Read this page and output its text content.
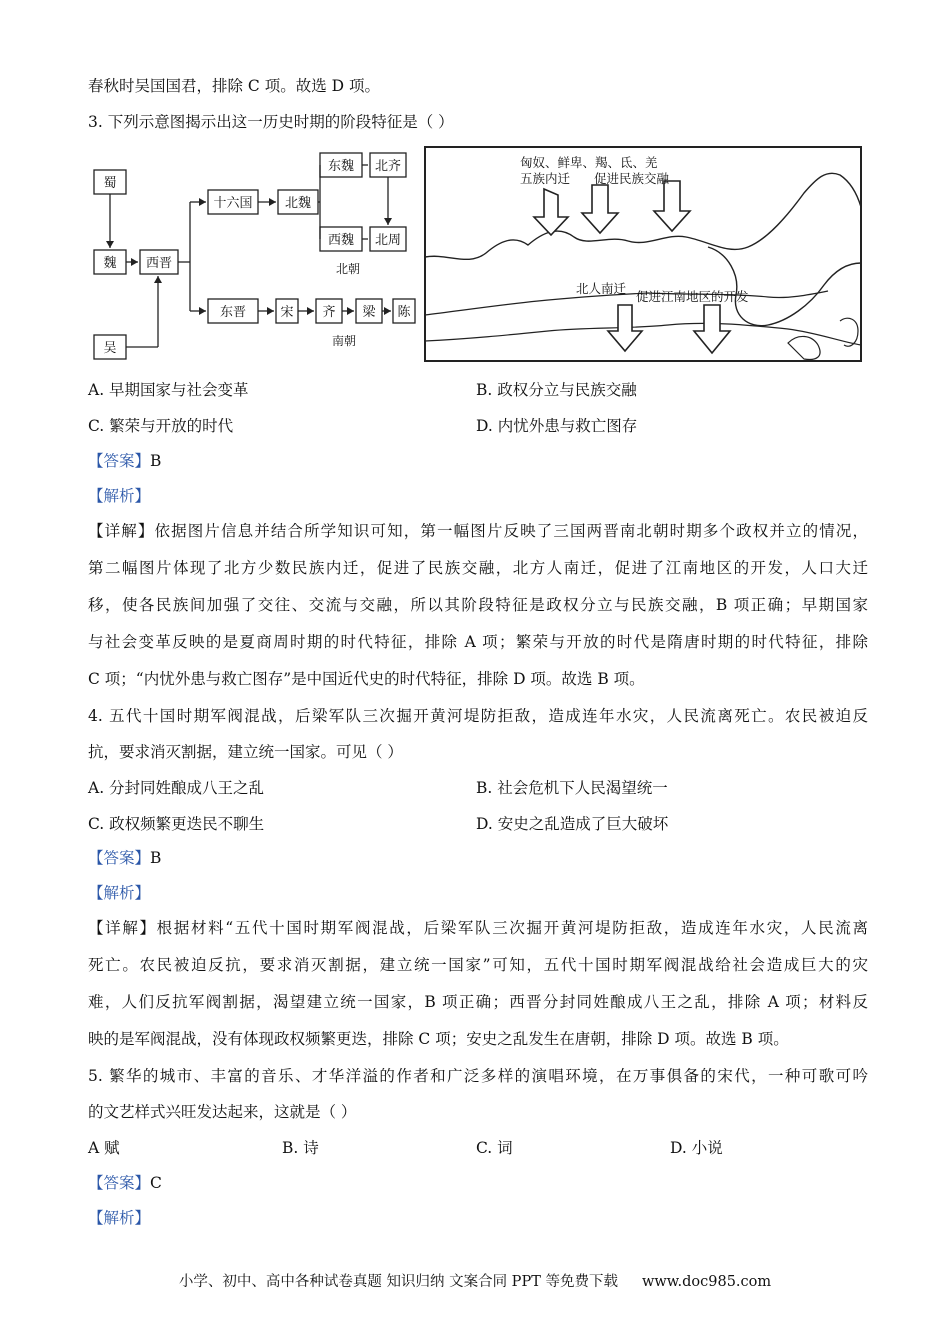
春秋时吴国国君，排除 C 项。故选 D 项。
3. 下列示意图揭示出这一历史时期的阶段特征是（ ）
蜀
魏
吴
西晋
十六国 北魏
东魏 北齐
西魏 北周
东晋	宋 齐 梁 陈
北朝
南朝
匈奴、鲜卑、羯、氐、羌
五族内迁 促进民族交融
北人南迁
促进江南地区的开发
A. 早期国家与社会变革	B. 政权分立与民族交融
C. 繁荣与开放的时代	D. 内忧外患与救亡图存
【答案】B
【解析】
【详解】依据图片信息并结合所学知识可知，第一幅图片反映了三国两晋南北朝时期多个政权并立的情况，
第二幅图片体现了北方少数民族内迁，促进了民族交融，北方人南迁，促进了江南地区的开发，人口大迁
移，使各民族间加强了交往、交流与交融，所以其阶段特征是政权分立与民族交融，B 项正确；早期国家
与社会变革反映的是夏商周时期的时代特征，排除 A 项；繁荣与开放的时代是隋唐时期的时代特征，排除
C 项；“内忧外患与救亡图存”是中国近代史的时代特征，排除 D 项。故选 B 项。
4. 五代十国时期军阀混战，后梁军队三次掘开黄河堤防拒敌，造成连年水灾，人民流离死亡。农民被迫反
抗，要求消灭割据，建立统一国家。可见（ ）
A. 分封同姓酿成八王之乱	B. 社会危机下人民渴望统一
C. 政权频繁更迭民不聊生	D. 安史之乱造成了巨大破坏
【答案】B
【解析】
【详解】根据材料“五代十国时期军阀混战，后梁军队三次掘开黄河堤防拒敌，造成连年水灾，人民流离
死亡。农民被迫反抗，要求消灭割据，建立统一国家”可知，五代十国时期军阀混战给社会造成巨大的灾
难，人们反抗军阀割据，渴望建立统一国家，B 项正确；西晋分封同姓酿成八王之乱，排除 A 项；材料反
映的是军阀混战，没有体现政权频繁更迭，排除 C 项；安史之乱发生在唐朝，排除 D 项。故选 B 项。
5. 繁华的城市、丰富的音乐、才华洋溢的作者和广泛多样的演唱环境，在万事俱备的宋代，一种可歌可吟
的文艺样式兴旺发达起来，这就是（ ）
A 赋	B. 诗	C. 词	D. 小说
【答案】C
【解析】
小学、初中、高中各种试卷真题 知识归纳 文案合同 PPT 等免费下载 www.doc985.com
